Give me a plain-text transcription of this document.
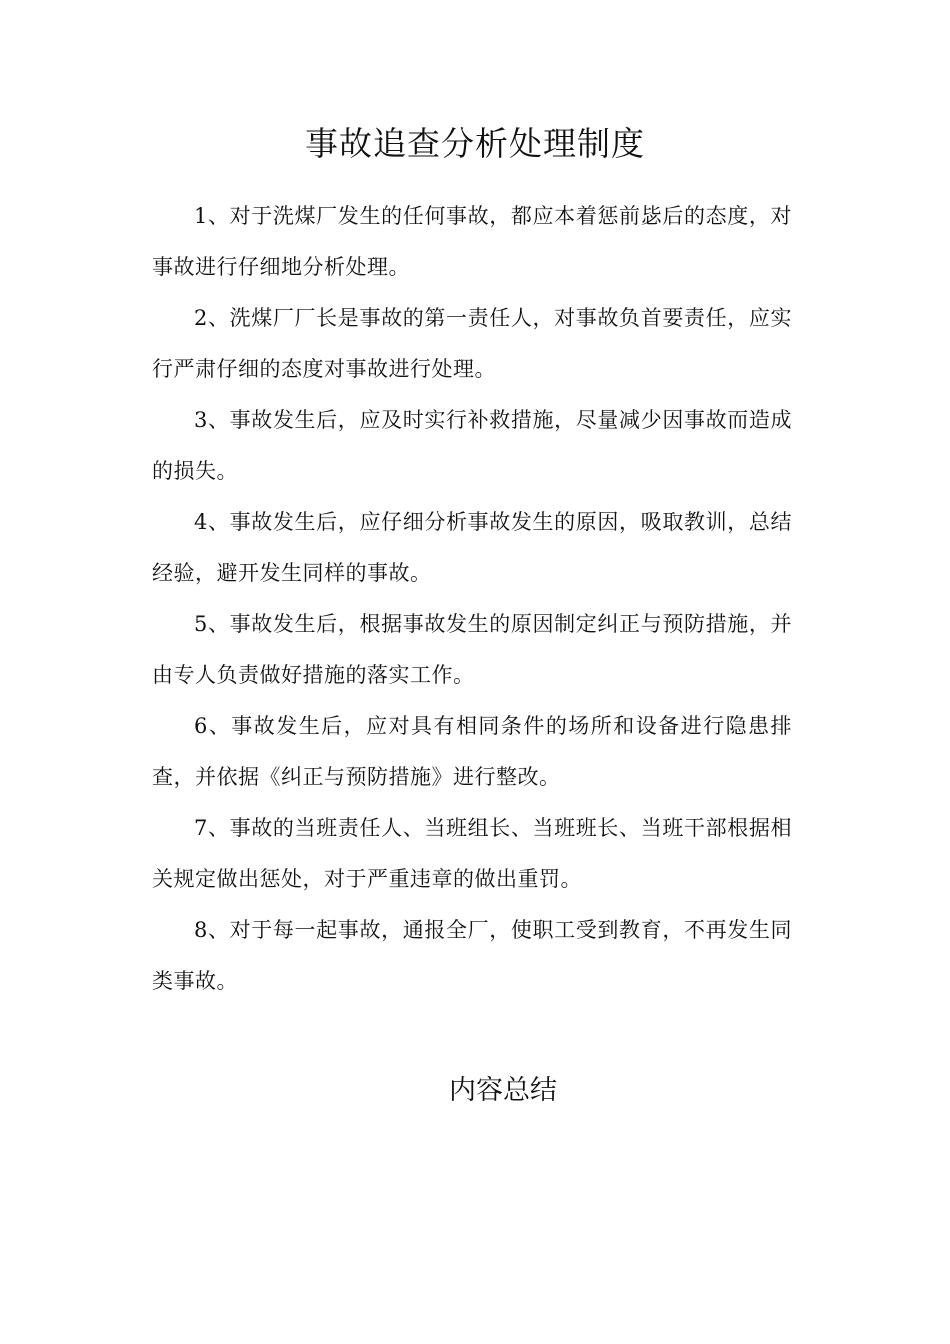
事故追查分析处理制度

1、对于洗煤厂发生的任何事故，都应本着惩前毖后的态度，对事故进行仔细地分析处理。

2、洗煤厂厂长是事故的第一责任人，对事故负首要责任，应实行严肃仔细的态度对事故进行处理。

3、事故发生后，应及时实行补救措施，尽量减少因事故而造成的损失。

4、事故发生后，应仔细分析事故发生的原因，吸取教训，总结经验，避开发生同样的事故。

5、事故发生后，根据事故发生的原因制定纠正与预防措施，并由专人负责做好措施的落实工作。

6、事故发生后，应对具有相同条件的场所和设备进行隐患排查，并依据《纠正与预防措施》进行整改。

7、事故的当班责任人、当班组长、当班班长、当班干部根据相关规定做出惩处，对于严重违章的做出重罚。

8、对于每一起事故，通报全厂，使职工受到教育，不再发生同类事故。

内容总结
